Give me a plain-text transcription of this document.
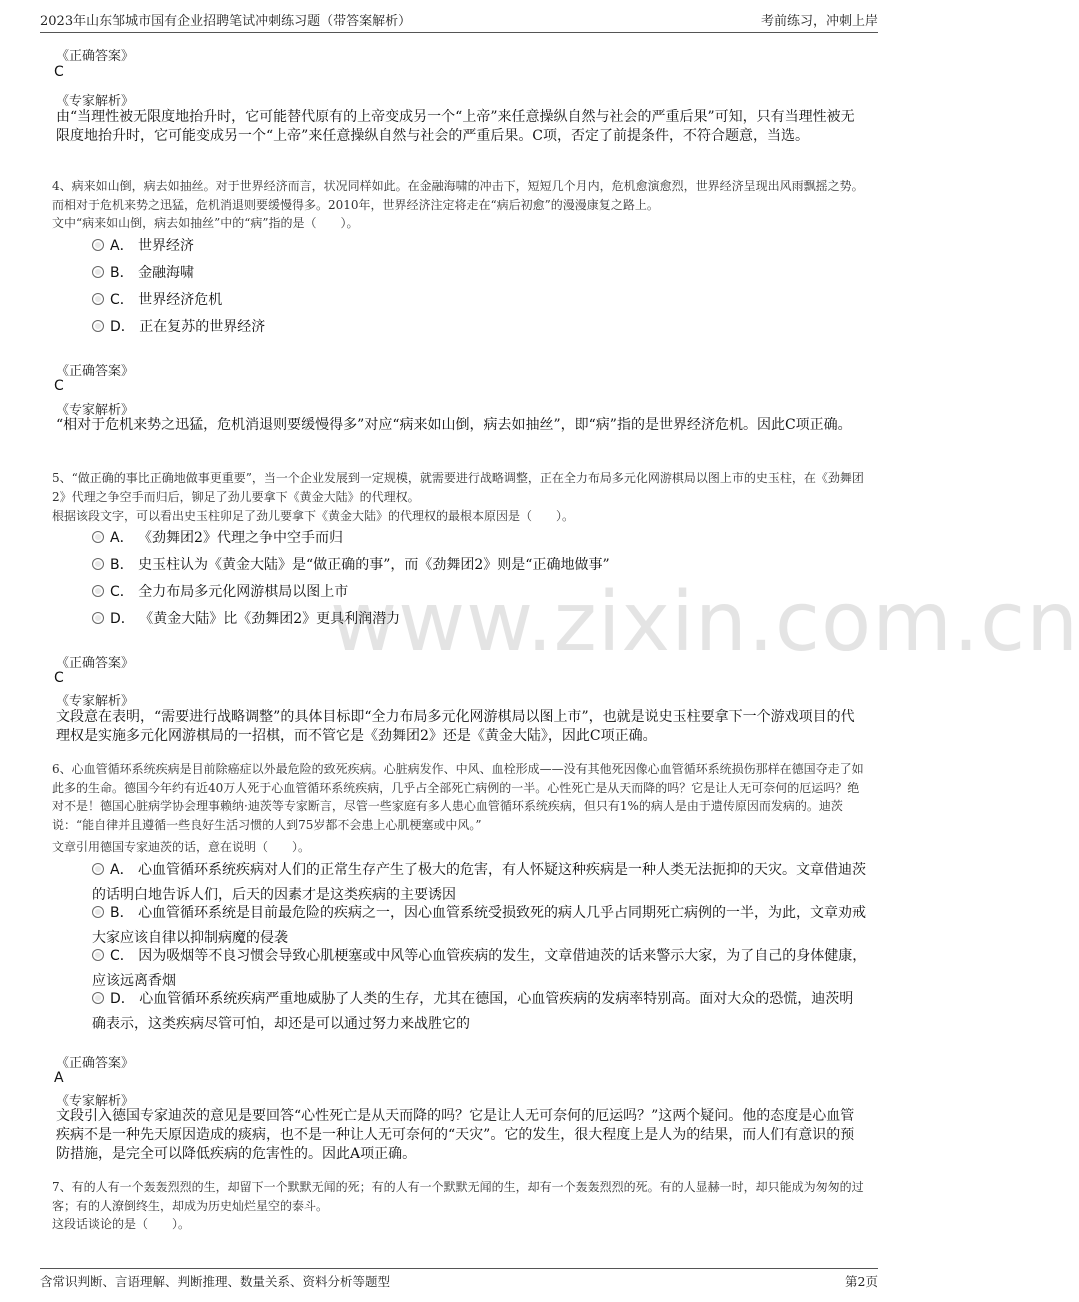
2023年山东邹城市国有企业招聘笔试冲刺练习题（带答案解析）	考前练习，冲刺上岸
www.zixin.com.cn
《正确答案》
C
《专家解析》
由“当理性被无限度地抬升时，它可能替代原有的上帝变成另一个“上帝”来任意操纵自然与社会的严重后果”可知，只有当理性被无限度地抬升时，它可能变成另一个“上帝”来任意操纵自然与社会的严重后果。C项，否定了前提条件，不符合题意，当选。
4、病来如山倒，病去如抽丝。对于世界经济而言，状况同样如此。在金融海啸的冲击下，短短几个月内，危机愈演愈烈，世界经济呈现出风雨飘摇之势。而相对于危机来势之迅猛，危机消退则要缓慢得多。2010年，世界经济注定将走在“病后初愈”的漫漫康复之路上。
文中“病来如山倒，病去如抽丝”中的“病”指的是（　　）。
A． 世界经济
B． 金融海啸
C． 世界经济危机
D． 正在复苏的世界经济
《正确答案》
C
《专家解析》
“相对于危机来势之迅猛，危机消退则要缓慢得多”对应“病来如山倒，病去如抽丝”，即“病”指的是世界经济危机。因此C项正确。
5、“做正确的事比正确地做事更重要”，当一个企业发展到一定规模，就需要进行战略调整，正在全力布局多元化网游棋局以图上市的史玉柱，在《劲舞团2》代理之争空手而归后，铆足了劲儿要拿下《黄金大陆》的代理权。
根据该段文字，可以看出史玉柱卯足了劲儿要拿下《黄金大陆》的代理权的最根本原因是（　　）。
A． 《劲舞团2》代理之争中空手而归
B． 史玉柱认为《黄金大陆》是“做正确的事”，而《劲舞团2》则是“正确地做事”
C． 全力布局多元化网游棋局以图上市
D． 《黄金大陆》比《劲舞团2》更具利润潜力
《正确答案》
C
《专家解析》
文段意在表明，“需要进行战略调整”的具体目标即“全力布局多元化网游棋局以图上市”，也就是说史玉柱要拿下一个游戏项目的代理权是实施多元化网游棋局的一招棋，而不管它是《劲舞团2》还是《黄金大陆》，因此C项正确。
6、心血管循环系统疾病是目前除癌症以外最危险的致死疾病。心脏病发作、中风、血栓形成——没有其他死因像心血管循环系统损伤那样在德国夺走了如此多的生命。德国今年约有近40万人死于心血管循环系统疾病，几乎占全部死亡病例的一半。心性死亡是从天而降的吗？它是让人无可奈何的厄运吗？绝对不是！德国心脏病学协会理事赖纳·迪茨等专家断言，尽管一些家庭有多人患心血管循环系统疾病，但只有1%的病人是由于遗传原因而发病的。迪茨说：“能自律并且遵循一些良好生活习惯的人到75岁都不会患上心肌梗塞或中风。”
文章引用德国专家迪茨的话，意在说明（　　）。
A． 心血管循环系统疾病对人们的正常生存产生了极大的危害，有人怀疑这种疾病是一种人类无法扼抑的天灾。文章借迪茨的话明白地告诉人们，后天的因素才是这类疾病的主要诱因
B． 心血管循环系统是目前最危险的疾病之一，因心血管系统受损致死的病人几乎占同期死亡病例的一半，为此，文章劝戒大家应该自律以抑制病魔的侵袭
C． 因为吸烟等不良习惯会导致心肌梗塞或中风等心血管疾病的发生，文章借迪茨的话来警示大家，为了自己的身体健康，应该远离香烟
D． 心血管循环系统疾病严重地威胁了人类的生存，尤其在德国，心血管疾病的发病率特别高。面对大众的恐慌，迪茨明确表示，这类疾病尽管可怕，却还是可以通过努力来战胜它的
《正确答案》
A
《专家解析》
文段引入德国专家迪茨的意见是要回答“心性死亡是从天而降的吗？它是让人无可奈何的厄运吗？”这两个疑问。他的态度是心血管疾病不是一种先天原因造成的痰病，也不是一种让人无可奈何的“天灾”。它的发生，很大程度上是人为的结果，而人们有意识的预防措施，是完全可以降低疾病的危害性的。因此A项正确。
7、有的人有一个轰轰烈烈的生，却留下一个默默无闻的死；有的人有一个默默无闻的生，却有一个轰轰烈烈的死。有的人显赫一时，却只能成为匆匆的过客；有的人潦倒终生，却成为历史灿烂星空的泰斗。
这段话谈论的是（　　）。
含常识判断、言语理解、判断推理、数量关系、资料分析等题型	第2页
